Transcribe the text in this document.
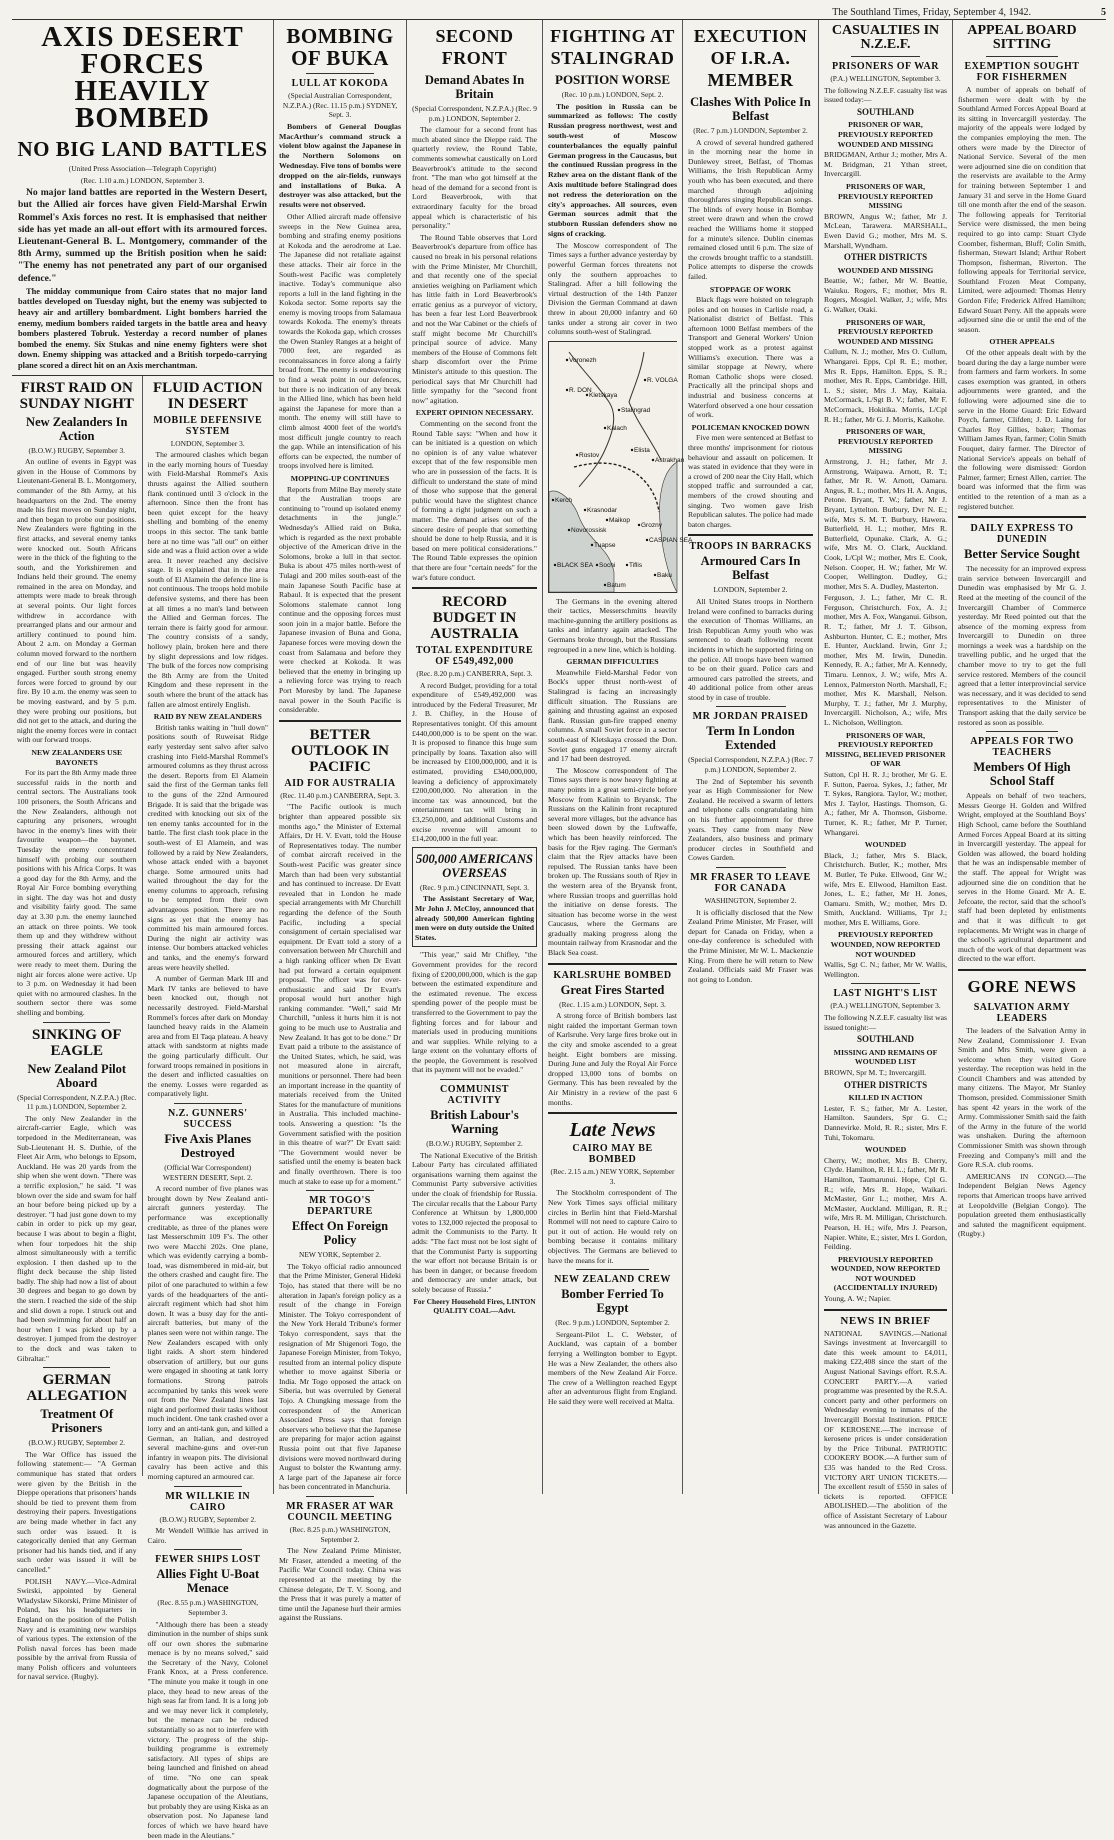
The Southland Times, Friday, September 4, 1942.	5
AXIS DESERT FORCES HEAVILY BOMBED
NO BIG LAND BATTLES
(United Press Association—Telegraph Copyright)
(Rec. 1.10 a.m.) LONDON, September 3.

No major land battles are reported in the Western Desert, but the Allied air forces have given Field-Marshal Erwin Rommel's Axis forces no rest. It is emphasised that neither side has yet made an all-out effort with its armoured forces. Lieutenant-General B. L. Montgomery, commander of the 8th Army, summed up the British position when he said: "The enemy has not penetrated any part of our organised defence."

The midday communique from Cairo states that no major land battles developed on Tuesday night, but the enemy was subjected to heavy air and artillery bombardment. Light bombers harried the enemy, medium bombers raided targets in the battle area and heavy bombers plastered Tobruk. Yesterday a record number of planes bombed the enemy. Six Stukas and nine enemy fighters were shot down. Enemy shipping was attacked and a British torpedo-carrying plane scored a direct hit on an Axis merchantman.

FIRST RAID ON SUNDAY NIGHT
New Zealanders In Action
(B.O.W.) RUGBY, September 3.

An outline of events in Egypt was given in the House of Commons by Lieutenant-General B. L. Montgomery, commander of the 8th Army, at his headquarters on the 2nd. The enemy made his first moves on Sunday night, and then began to probe our positions. New Zealanders were fighting in the first attacks, and several enemy tanks were knocked out. South Africans were in the thick of the fighting to the south, and the Yorkshiremen and Indians held their ground. The enemy remained in the area on Monday, and attempts were made to break through at several points. Our light forces withdrew in accordance with prearranged plans and our armour and artillery continued to pound him. About 2 a.m. on Monday a German column moved forward to the northern end of our line but was heavily engaged. Further south strong enemy forces were forced to ground by our fire. By 10 a.m. the enemy was seen to be moving eastward, and by 5 p.m. they were probing our positions, but did not get to the attack, and during the night the enemy forces were in contact with our forward troops.

NEW ZEALANDERS USE BAYONETS

For its part the 8th Army made three successful raids in the north and central sectors. The Australians took 100 prisoners, the South Africans and the New Zealanders, although not capturing any prisoners, wrought havoc in the enemy's lines with their favourite weapon—the bayonet. Tuesday the enemy concentrated himself with probing our southern positions with his Africa Corps. It was a good day for the 8th Army, and the Royal Air Force bombing everything in sight. The day was hot and dusty and visibility fairly good. The same day at 3.30 p.m. the enemy launched an attack on three points. We took them up and they withdrew without pressing their attack against our armoured forces and artillery, which were ready to meet them. During the night air forces alone were active. Up to 3 p.m. on Wednesday it had been quiet with no armoured clashes. In the southern sector there was some shelling and bombing.

SINKING OF EAGLE
New Zealand Pilot Aboard
(Special Correspondent, N.Z.P.A.) (Rec. 11 p.m.) LONDON, September 2.

The only New Zealander in the aircraft-carrier Eagle, which was torpedoed in the Mediterranean, was Sub-Lieutenant H. S. Duthie, of the Fleet Air Arm, who belongs to Epsom, Auckland. He was 20 yards from the ship when she went down. "There was a terrific explosion," he said. "I was blown over the side and swam for half an hour before being picked up by a destroyer. "I had just gone down to my cabin in order to pick up my gear, because I was about to begin a flight, when four torpedoes hit the ship almost simultaneously with a terrific explosion. I then dashed up to the flight deck because the ship listed badly. The ship had now a list of about 30 degrees and began to go down by the stern. I reached the side of the ship and slid down a rope. I struck out and had been swimming for about half an hour when I was picked up by a destroyer. I jumped from the destroyer to the dock and was taken to Gibraltar."

GERMAN ALLEGATION
Treatment Of Prisoners
(B.O.W.) RUGBY, September 2.

The War Office has issued the following statement:— "A German communique has stated that orders were given by the British in the Dieppe operations that prisoners' hands should be tied to prevent them from destroying their papers. Investigations are being made whether in fact any such order was issued. It is categorically denied that any German prisoner had his hands tied, and if any such order was issued it will be cancelled."

POLISH NAVY.—Vice-Admiral Swirski, appointed by General Wladyslaw Sikorski, Prime Minister of Poland, has his headquarters in England on the position of the Polish Navy and is examining new warships of various types. The extension of the Polish naval forces has been made possible by the arrival from Russia of many Polish officers and volunteers for naval service. (Rugby).

FLUID ACTION IN DESERT
MOBILE DEFENSIVE SYSTEM
LONDON, September 3.

The armoured clashes which began in the early morning hours of Tuesday with Field-Marshal Rommel's Axis thrusts against the Allied southern flank continued until 3 o'clock in the afternoon. Since then the front has been quiet except for the heavy shelling and bombing of the enemy troops in this sector. The tank battle here at no time was "all out" on either side and was a fluid action over a wide area. It never reached any decisive stage. It is explained that in the area south of El Alamein the defence line is not continuous. The troops hold mobile defensive systems, and there has been at all times a no man's land between the Allied and German forces. The terrain there is fairly good for armour. The country consists of a sandy, hollowy plain, broken here and there by slight depressions and low ridges. The bulk of the forces now comprising the 8th Army are from the United Kingdom and these represent in the south where the brunt of the attack has fallen are almost entirely English.

RAID BY NEW ZEALANDERS

British tanks waiting in "hull down" positions south of Ruweisat Ridge early yesterday sent salvo after salvo crashing into Field-Marshal Rommel's armoured columns as they thrust across the desert. Reports from El Alamein said the first of the German tanks fell to the guns of the 22nd Armoured Brigade. It is said that the brigade was credited with knocking out six of the ten enemy tanks accounted for in the battle. The first clash took place in the south-west of El Alamein, and was followed by a raid by New Zealanders, whose attack ended with a bayonet charge. Some armoured units had waited throughout the day for the enemy columns to approach, refusing to be tempted from their own advantageous position. There are no signs as yet that the enemy has committed his main armoured forces. During the night air activity was intense. Our bombers attacked vehicles and tanks, and the enemy's forward areas were heavily shelled.

A number of German Mark III and Mark IV tanks are believed to have been knocked out, though not necessarily destroyed. Field-Marshal Rommel's forces after dark on Monday launched heavy raids in the Alamein area and from El Taqa plateau. A heavy attack with sandstorm at nights made the going particularly difficult. Our forward troops remained in positions in the desert and inflicted casualties on the enemy. Losses were regarded as comparatively light.

N.Z. GUNNERS' SUCCESS
Five Axis Planes Destroyed
(Official War Correspondent) WESTERN DESERT, Sept. 2.

A record number of five planes was brought down by New Zealand anti-aircraft gunners yesterday. The performance was exceptionally creditable, as three of the planes were last Messerschmitt 109 F's. The other two were Macchi 202s. One plane, which was evidently carrying a bomb-load, was dismembered in mid-air, but the others crashed and caught fire. The pilot of one parachuted to within a few yards of the headquarters of the anti-aircraft regiment which had shot him down. It was a busy day for the anti-aircraft batteries, but many of the planes seen were not within range. The New Zealanders escaped with only light raids. A short stern hindered observation of artillery, but our guns were engaged in shooting at tank lorry formations. Strong patrols accompanied by tanks this week were out from the New Zealand lines last night and performed their tasks without much incident. One tank crashed over a lorry and an anti-tank gun, and killed a German, an Italian, and destroyed several machine-guns and over-run infantry in weapon pits. The divisional cavalry has been active and this morning captured an armoured car.

MR WILLKIE IN CAIRO
(B.O.W.) RUGBY, September 2.

Mr Wendell Willkie has arrived in Cairo.

FEWER SHIPS LOST
Allies Fight U-Boat Menace
(Rec. 8.55 p.m.) WASHINGTON, September 3.

"Although there has been a steady diminution in the number of ships sunk off our own shores the submarine menace is by no means solved," said the Secretary of the Navy, Colonel Frank Knox, at a Press conference. "The minute you make it tough in one place, they head to new areas of the high seas far from land. It is a long job and we may never lick it completely, but the menace can be reduced substantially so as not to interfere with victory. The progress of the ship-building programme is extremely satisfactory. All types of ships are being launched and finished on ahead of time. "No one can speak dogmatically about the purpose of the Japanese occupation of the Aleutians, but probably they are using Kiska as an observation post. No Japanese land forces of which we have heard have been made in the Aleutians."

BOMBING OF BUKA
LULL AT KOKODA
(Special Australian Correspondent, N.Z.P.A.) (Rec. 11.15 p.m.) SYDNEY, Sept. 3.

Bombers of General Douglas MacArthur's command struck a violent blow against the Japanese in the Northern Solomons on Wednesday. Five tons of bombs were dropped on the air-fields, runways and installations of Buka. A destroyer was also attacked, but the results were not observed.

Other Allied aircraft made offensive sweeps in the New Guinea area, bombing and strafing enemy positions at Kokoda and the aerodrome at Lae. The Japanese did not retaliate against these attacks. Their air force in the South-west Pacific was completely inactive. Today's communique also reports a lull in the land fighting in the Kokoda sector. Some reports say the enemy is moving troops from Salamaua towards Kokoda. The enemy's threats towards the Kokoda gap, which crosses the Owen Stanley Ranges at a height of 7000 feet, are regarded as reconnaissances in force along a fairly broad front. The enemy is endeavouring to find a weak point in our defences, but there is no indication of any break in the Allied line, which has been held against the Japanese for more than a month. The enemy will still have to climb almost 4000 feet of the world's most difficult jungle country to reach the gap. While an intensification of his efforts can be expected, the number of troops involved here is limited.

MOPPING-UP CONTINUES

Reports from Milne Bay merely state that the Australian troops are continuing to "round up isolated enemy detachments in the jungle." Wednesday's Allied raid on Buka, which is regarded as the next probable objective of the American drive in the Solomons, broke a lull in that sector. Buka is about 475 miles north-west of Tulagi and 200 miles south-east of the main Japanese South Pacific base at Rabaul. It is expected that the present Solomons stalemate cannot long continue and the opposing forces must soon join in a major battle. Before the Japanese invasion of Buna and Gona, Japanese forces were moving down the coast from Salamaua and before they were checked at Kokoda. It was believed that the enemy in bringing up a relieving force was trying to reach Port Moresby by land. The Japanese naval power in the South Pacific is considerable.

BETTER OUTLOOK IN PACIFIC
AID FOR AUSTRALIA
(Rec. 11.40 p.m.) CANBERRA, Sept. 3.

"The Pacific outlook is much brighter than appeared possible six months ago," the Minister of External Affairs, Dr H. V. Evatt, told the House of Representatives today. The number of combat aircraft received in the South-west Pacific was greater since March than had been very substantial and has continued to increase. Dr Evatt revealed that in London he made special arrangements with Mr Churchill regarding the defence of the South Pacific, including a special consignment of certain specialised war equipment. Dr Evatt told a story of a conversation between Mr Churchill and a high ranking officer when Dr Evatt had put forward a certain equipment proposal. The officer was for over-enthusiastic and said Dr Evatt's proposal would hurt another high ranking commander. "Well," said Mr Churchill, "unless it hurts him it is not going to be much use to Australia and New Zealand. It has got to be done." Dr Evatt paid a tribute to the assistance of the United States, which, he said, was not measured alone in aircraft, munitions or personnel. There had been an important increase in the quantity of materials received from the United States for the manufacture of munitions in Australia. This included machine-tools. Answering a question: "Is the Government satisfied with the position in this theatre of war?" Dr Evatt said: "The Government would never be satisfied until the enemy is beaten back and finally overthrown. There is too much at stake to ease up for a moment."

MR TOGO'S DEPARTURE
Effect On Foreign Policy
NEW YORK, September 2.

The Tokyo official radio announced that the Prime Minister, General Hideki Tojo, has stated that there will be no alteration in Japan's foreign policy as a result of the change in Foreign Minister. The Tokyo correspondent of the New York Herald Tribune's former Tokyo correspondent, says that the resignation of Mr Shigenori Togo, the Japanese Foreign Minister, from Tokyo, resulted from an internal policy dispute whether to move against Siberia or India. Mr Togo opposed the attack on Siberia, but was overruled by General Tojo. A Chungking message from the correspondent of the American Associated Press says that foreign observers who believe that the Japanese are preparing for major action against Russia point out that five Japanese divisions were moved northward during August to bolster the Kwantung army. A large part of the Japanese air force has been concentrated in Manchuria.

MR FRASER AT WAR COUNCIL MEETING
(Rec. 8.25 p.m.) WASHINGTON, September 2.

The New Zealand Prime Minister, Mr Fraser, attended a meeting of the Pacific War Council today. China was represented at the meeting by the Chinese delegate, Dr T. V. Soong, and the Press that it was purely a matter of time until the Japanese hurl their armies against the Russians.

SECOND FRONT
Demand Abates In Britain
(Special Correspondent, N.Z.P.A.) (Rec. 9 p.m.) LONDON, September 2.

The clamour for a second front has much abated since the Dieppe raid. The quarterly review, the Round Table, comments somewhat caustically on Lord Beaverbrook's attitude to the second front. "The man who got himself at the head of the demand for a second front is Lord Beaverbrook, with that extraordinary faculty for the broad appeal which is characteristic of his personality."

The Round Table observes that Lord Beaverbrook's departure from office has caused no break in his personal relations with the Prime Minister, Mr Churchill, and that recently one of the special anxieties weighing on Parliament which has little faith in Lord Beaverbrook's erratic genius as a purveyor of victory, has been a fear lest Lord Beaverbrook and not the War Cabinet or the chiefs of staff might become Mr Churchill's principal source of advice. Many members of the House of Commons felt sharp discomfort over the Prime Minister's attitude to this question. The periodical says that Mr Churchill had little sympathy for the "second front now" agitation.

EXPERT OPINION NECESSARY.

Commenting on the second front the Round Table says: "When and how it can be initiated is a question on which no opinion is of any value whatever except that of the few responsible men who are in possession of the facts. It is difficult to understand the state of mind of those who suppose that the general public would have the slightest chance of forming a right judgment on such a matter. The demand arises out of the sincere desire of people that something should be done to help Russia, and it is based on mere political considerations." The Round Table expresses the opinion that there are four "certain needs" for the war's future conduct.

RECORD BUDGET IN AUSTRALIA
TOTAL EXPENDITURE OF £549,492,000
(Rec. 8.20 p.m.) CANBERRA, Sept. 3.

A record Budget, providing for a total expenditure of £549,492,000 was introduced by the Federal Treasurer, Mr J. B. Chifley, in the House of Representatives tonight. Of this amount £440,000,000 is to be spent on the war. It is proposed to finance this huge sum principally by loans. Taxation also will be increased by £100,000,000, and it is estimated, providing £340,000,000, leaving a deficiency of approximately £200,000,000. No alteration in the income tax was announced, but the entertainment tax will bring in £3,250,000, and additional Customs and excise revenue will amount to £14,200,000 in the full year.

500,000 AMERICANS OVERSEAS
(Rec. 9 p.m.) CINCINNATI, Sept. 3.

The Assistant Secretary of War, Mr John J. McCloy, announced that already 500,000 American fighting men were on duty outside the United States.

"This year," said Mr Chifley, "the Government provides for the record fixing of £200,000,000, which is the gap between the estimated expenditure and the estimated revenue. The excess spending power of the people must be transferred to the Government to pay the fighting forces and for labour and materials used in producing munitions and war supplies. While relying to a large extent on the voluntary efforts of the people, the Government is resolved that its payment will not be evaded."

COMMUNIST ACTIVITY
British Labour's Warning
(B.O.W.) RUGBY, September 2.

The National Executive of the British Labour Party has circulated affiliated organisations warning them against the Communist Party subversive activities under the cloak of friendship for Russia. The circular recalls that the Labour Party Conference at Whitsun by 1,800,000 votes to 132,000 rejected the proposal to admit the Communists to the Party. It adds: "The fact must not be lost sight of that the Communist Party is supporting the war effort not because Britain is or has been in danger, or because freedom and democracy are under attack, but solely because of Russia."

For Cheery Household Fires, LINTON QUALITY COAL—Advt.
FIGHTING AT STALINGRAD
POSITION WORSE
(Rec. 10 p.m.) LONDON, Sept. 2.

The position in Russia can be summarized as follows: The costly Russian progress northwest, west and south-west of Moscow counterbalances the equally painful German progress in the Caucasus, but the continued Russian progress in the Rzhev area on the distant flank of the Axis multitude before Stalingrad does not redress the deterioration on the city's approaches. All sources, even German sources admit that the stubborn Russian defenders show no signs of cracking.

The Moscow correspondent of The Times says a further advance yesterday by powerful German forces threatens not only the southern approaches to Stalingrad. After a hill following the virtual destruction of the 14th Panzer Division the German Command at dawn threw in about 20,000 infantry and 60 tanks under a strong air cover in two columns south-west of Stalingrad.

Stalingrad
Rostov
Kletskaya
Kalach
Krasnodar
Novorossisk
Tuapse
Batum
BLACK SEA
CASPIAN SEA
Astrakhan
Grozny
Maikop
Voronezh
Elista
Kerch
Sochi Tiflis
Baku
R. DON
R. VOLGA

The Germans in the evening altered their tactics, Messerschmitts heavily machine-gunning the artillery positions as tanks and infantry again attacked. The Germans broke through, but the Russians regrouped in a new line, which is holding.

GERMAN DIFFICULTIES

Meanwhile Field-Marshal Fedor von Bock's upper thrust north-west of Stalingrad is facing an increasingly difficult situation. The Russians are gaining and thrusting against an exposed flank. Russian gun-fire trapped enemy columns. A small Soviet force in a sector south-east of Kletskaya crossed the Don. Soviet guns engaged 17 enemy aircraft and 17 had been destroyed.

The Moscow correspondent of The Times says there is now heavy fighting at many points in a great semi-circle before Moscow from Kalinin to Bryansk. The Russians on the Kalinin front recaptured several more villages, but the advance has been slowed down by the Luftwaffe, which has been heavily reinforced. The basis for the Rjev raging. The German's claim that the Rjev attacks have been repulsed. The Russian tanks have been broken up. The Russians south of Rjev in the western area of the Bryansk front, where Russian troops and guerrillas hold the initiative on dense forests. The situation has become worse in the west Caucasus, where the Germans are gradually making progress along the mountain railway from Krasnodar and the Black Sea coast.

KARLSRUHE BOMBED
Great Fires Started
(Rec. 1.15 a.m.) LONDON, Sept. 3.

A strong force of British bombers last night raided the important German town of Karlsruhe. Very large fires broke out in the city and smoke ascended to a great height. Eight bombers are missing. During June and July the Royal Air Force dropped 13,000 tons of bombs on Germany. This has been revealed by the Air Ministry in a review of the past 6 months.

Late News
CAIRO MAY BE BOMBED
(Rec. 2.15 a.m.) NEW YORK, September 3.

The Stockholm correspondent of The New York Times says official military circles in Berlin hint that Field-Marshal Rommel will not need to capture Cairo to put it out of action. He would rely on bombing because it contains military objectives. The Germans are believed to have the means for it.

NEW ZEALAND CREW
Bomber Ferried To Egypt
(Rec. 9 p.m.) LONDON, September 2.

Sergeant-Pilot L. C. Webster, of Auckland, was captain of a bomber ferrying a Wellington bomber to Egypt. He was a New Zealander, the others also members of the New Zealand Air Force. The crew of a Wellington reached Egypt after an adventurous flight from England. He said they were well received at Malta.

EXECUTION OF I.R.A. MEMBER
Clashes With Police In Belfast
(Rec. 7 p.m.) LONDON, September 2.

A crowd of several hundred gathered in the morning near the home in Dunlewey street, Belfast, of Thomas Williams, the Irish Republican Army youth who has been executed, and there marched through adjoining thoroughfares singing Republican songs. The blinds of every house in Bombay street were drawn and when the crowd reached the Williams home it stopped for a minute's silence. Dublin cinemas remained closed until 6 p.m. The size of the crowds brought traffic to a standstill. Police attempts to disperse the crowds failed.

STOPPAGE OF WORK

Black flags were hoisted on telegraph poles and on houses in Carlisle road, a Nationalist district of Belfast. This afternoon 1000 Belfast members of the Transport and General Workers' Union stopped work as a protest against Williams's execution. There was a similar stoppage at Newry, where Roman Catholic shops were closed. Practically all the principal shops and industrial and business concerns at Waterford observed a one hour cessation of work.

POLICEMAN KNOCKED DOWN

Five men were sentenced at Belfast to three months' imprisonment for riotous behaviour and assault on policemen. It was stated in evidence that they were in a crowd of 200 near the City Hall, which stopped traffic and surrounded a car, members of the crowd shouting and singing. Two women gave Irish Republican salutes. The police had made baton charges.

TROOPS IN BARRACKS
Armoured Cars In Belfast
LONDON, September 2.

All United States troops in Northern Ireland were confined to barracks during the execution of Thomas Williams, an Irish Republican Army youth who was sentenced to death following recent incidents in which he supported firing on the police. All troops have been warned to be on their guard. Police cars and armoured cars patrolled the streets, and 40 additional police from other areas stood by in case of trouble.

MR JORDAN PRAISED
Term In London Extended
(Special Correspondent, N.Z.P.A.) (Rec. 7 p.m.) LONDON, September 2.

The 2nd of September his seventh year as High Commissioner for New Zealand. He received a swarm of letters and telephone calls congratulating him on his further appointment for three years. They came from many New Zealanders, also business and primary producer circles in Southfield and Cowes Garden.

MR FRASER TO LEAVE FOR CANADA
WASHINGTON, September 2.

It is officially disclosed that the New Zealand Prime Minister, Mr Fraser, will depart for Canada on Friday, when a one-day conference is scheduled with the Prime Minister, Mr W. L. Mackenzie King. From there he will return to New Zealand. Officials said Mr Fraser was not going to London.

CASUALTIES IN N.Z.E.F.
PRISONERS OF WAR
(P.A.) WELLINGTON, September 3.

The following N.Z.E.F. casualty list was issued today:—

SOUTHLAND
PRISONER OF WAR, PREVIOUSLY REPORTED WOUNDED AND MISSING

BRIDGMAN, Arthur J.; mother, Mrs A. M. Bridgman, 21 Ythan street, Invercargill.

PRISONERS OF WAR, PREVIOUSLY REPORTED MISSING

BROWN, Angus W.; father, Mr J. McLean, Tarawera. MARSHALL, Ewen David G.; mother, Mrs M. S. Marshall, Wyndham.

OTHER DISTRICTS
WOUNDED AND MISSING

Beattie, W.; father, Mr W. Beattie, Waiuku. Rogers, F.; mother, Mrs R. Rogers, Mosgiel. Walker, J.; wife, Mrs G. Walker, Otaki.

PRISONERS OF WAR, PREVIOUSLY REPORTED WOUNDED AND MISSING

Cullum, N. J.; mother, Mrs O. Cullum, Whangarei. Epps, Cpl R. E.; mother, Mrs R. Epps, Hamilton. Epps, S. R.; mother, Mrs R. Epps, Cambridge. Hill, L. S.; sister, Mrs J. May, Kaitaia. McCormack, L/Sgt B. V.; father, Mr F. McCormack, Hokitika. Morris, L/Cpl R. H.; father, Mr G. J. Morris, Kaikohe.

PRISONERS OF WAR, PREVIOUSLY REPORTED MISSING

Armstrong, J. H.; father, Mr J. Armstrong, Waipawa. Arnott, R. T.; father, Mr R. W. Arnott, Oamaru. Angus, R. L.; mother, Mrs H. A. Angus, Petone. Bryant, T. W.; father, Mr J. Bryant, Lyttelton. Burbury, Dvr N. E.; wife, Mrs S. M. T. Burbury, Hawera. Butterfield, H. L.; mother, Mrs R. Butterfield, Opunake. Clark, A. G.; wife, Mrs M. O. Clark, Auckland. Cook, L/Cpl W.; mother, Mrs E. Cook, Nelson. Cooper, H. W.; father, Mr W. Cooper, Wellington. Dudley, G.; mother, Mrs S. A. Dudley, Masterton.

Ferguson, J. L.; father, Mr C. R. Ferguson, Christchurch. Fox, A. J.; mother, Mrs A. Fox, Wanganui. Gibson, R. T.; father, Mr J. T. Gibson, Ashburton. Hunter, C. E.; mother, Mrs E. Hunter, Auckland. Irwin, Gnr J.; mother, Mrs M. Irwin, Dunedin. Kennedy, R. A.; father, Mr A. Kennedy, Timaru. Lennox, J. W.; wife, Mrs A. Lennox, Palmerston North. Marshall, F.; mother, Mrs K. Marshall, Nelson. Murphy, T. J.; father, Mr J. Murphy, Invercargill. Nicholson, A.; wife, Mrs L. Nicholson, Wellington.

PRISONERS OF WAR, PREVIOUSLY REPORTED MISSING, BELIEVED PRISONER OF WAR

Sutton, Cpl H. R. J.; brother, Mr G. E. F. Sutton, Paeroa. Sykes, J.; father, Mr T. Sykes, Rangiora. Taylor, W.; mother, Mrs J. Taylor, Hastings. Thomson, G. A.; father, Mr A. Thomson, Gisborne. Turner, K. R.; father, Mr P. Turner, Whangarei.

WOUNDED

Black, J.; father, Mrs S. Black, Christchurch. Butler, K.; mother, Mrs M. Butler, Te Puke. Ellwood, Gnr W.; wife, Mrs E. Ellwood, Hamilton East. Jones, L. E.; father, Mr H. Jones, Oamaru. Smith, W.; mother, Mrs D. Smith, Auckland. Williams, Tpr J.; mother, Mrs E. Williams, Gore.

PREVIOUSLY REPORTED WOUNDED, NOW REPORTED NOT WOUNDED

Wallis, Sgt C. N.; father, Mr W. Wallis, Wellington.

LAST NIGHT'S LIST
(P.A.) WELLINGTON, September 3.

The following N.Z.E.F. casualty list was issued tonight:—

SOUTHLAND
MISSING AND REMAINS OF WOUNDED LIST

BROWN, Spr M. T.; Invercargill.

OTHER DISTRICTS
KILLED IN ACTION

Lester, F. S.; father, Mr A. Lester, Hamilton. Saunders, Spr G. C.; Dannevirke. Mold, R. R.; sister, Mrs F. Tuhi, Tokomaru.

WOUNDED

Cherry, W.; mother, Mrs B. Cherry, Clyde. Hamilton, R. H. L.; father, Mr R. Hamilton, Taumarunui. Hope, Cpl G. R.; wife, Mrs R. Hope, Waikari. McMaster, Gnr L.; mother, Mrs A. McMaster, Auckland. Milligan, R. R.; wife, Mrs R. M. Milligan, Christchurch. Pearson, H. H.; wife, Mrs J. Pearson, Napier. White, E.; sister, Mrs I. Gordon, Feilding.

PREVIOUSLY REPORTED WOUNDED, NOW REPORTED NOT WOUNDED (ACCIDENTALLY INJURED)

Young, A. W.; Napier.

NEWS IN BRIEF

NATIONAL SAVINGS.—National Savings investment at Invercargill to date this week amount to £4,011, making £22,408 since the start of the August National Savings effort. R.S.A. CONCERT PARTY.—A varied programme was presented by the R.S.A. concert party and other performers on Wednesday evening to inmates of the Invercargill Borstal Institution. PRICE OF KEROSENE.—The increase of kerosene prices is under consideration by the Price Tribunal. PATRIOTIC COOKERY BOOK.—A further sum of £35 was handed to the Red Cross. VICTORY ART UNION TICKETS.—The excellent result of £550 in sales of tickets is reported. OFFICE ABOLISHED.—The abolition of the office of Assistant Secretary of Labour was announced in the Gazette.

APPEAL BOARD SITTING
EXEMPTION SOUGHT FOR FISHERMEN

A number of appeals on behalf of fishermen were dealt with by the Southland Armed Forces Appeal Board at its sitting in Invercargill yesterday. The majority of the appeals were lodged by the companies employing the men. The others were made by the Director of National Service. Several of the men were adjourned sine die on condition that the reservists are available to the Army for training between September 1 and January 31 and serve in the Home Guard till one month after the end of the season. The following appeals for Territorial Service were dismissed, the men being required to go into camp: Stuart Clyde Coomber, fisherman, Bluff; Colin Smith, fisherman, Stewart Island; Arthur Robert Thompson, fisherman, Riverton. The following appeals for Territorial service, Southland Frozen Meat Company, Limited, were adjourned: Thomas Henry Gordon Fife; Frederick Alfred Hamilton; Edward Stuart Perry. All the appeals were adjourned sine die or until the end of the season.

OTHER APPEALS

Of the other appeals dealt with by the board during the day a large number were from farmers and farm workers. In some cases exemption was granted, in others adjournments were granted, and the following were adjourned sine die to serve in the Home Guard: Eric Edward Poych, farmer, Clifden; J. D. Laing for Charles Roy Gillies, baker; Thomas William James Ryan, farmer; Colin Smith Fouquet, dairy farmer. The Director of National Service's appeals on behalf of the following were dismissed: Gordon Palmer, farmer; Ernest Allen, carrier. The board was informed that the firm was entitled to the retention of a man as a registered butcher.

DAILY EXPRESS TO DUNEDIN
Better Service Sought

The necessity for an improved express train service between Invercargill and Dunedin was emphasised by Mr G. J. Reed at the meeting of the council of the Invercargill Chamber of Commerce yesterday. Mr Reed pointed out that the absence of the morning express from Invercargill to Dunedin on three mornings a week was a hardship on the travelling public, and he urged that the chamber move to try to get the full service restored. Members of the council agreed that a letter interprovincial service was necessary, and it was decided to send representatives to the Minister of Transport asking that the daily service be restored as soon as possible.

APPEALS FOR TWO TEACHERS
Members Of High School Staff

Appeals on behalf of two teachers, Messrs George H. Golden and Wilfred Wright, employed at the Southland Boys' High School, came before the Southland Armed Forces Appeal Board at its sitting in Invercargill yesterday. The appeal for Golden was allowed, the board holding that he was an indispensable member of the staff. The appeal for Wright was adjourned sine die on condition that he serves in the Home Guard. Mr A. E. Jefcoate, the rector, said that the school's staff had been depleted by enlistments and that it was difficult to get replacements. Mr Wright was in charge of the school's agricultural department and much of the work of that department was directed to the war effort.

GORE NEWS
SALVATION ARMY LEADERS

The leaders of the Salvation Army in New Zealand, Commissioner J. Evan Smith and Mrs Smith, were given a welcome when they visited Gore yesterday. The reception was held in the Council Chambers and was attended by many citizens. The Mayor, Mr Stanley Thomson, presided. Commissioner Smith has spent 42 years in the work of the Army. Commissioner Smith said the faith of the Army in the future of the world was unshaken. During the afternoon Commissioner Smith was shown through Freezing and Company's mill and the Gore R.S.A. club rooms.

AMERICANS IN CONGO.—The Independent Belgian News Agency reports that American troops have arrived at Leopoldville (Belgian Congo). The population greeted them enthusiastically and saluted the magnificent equipment. (Rugby.)
